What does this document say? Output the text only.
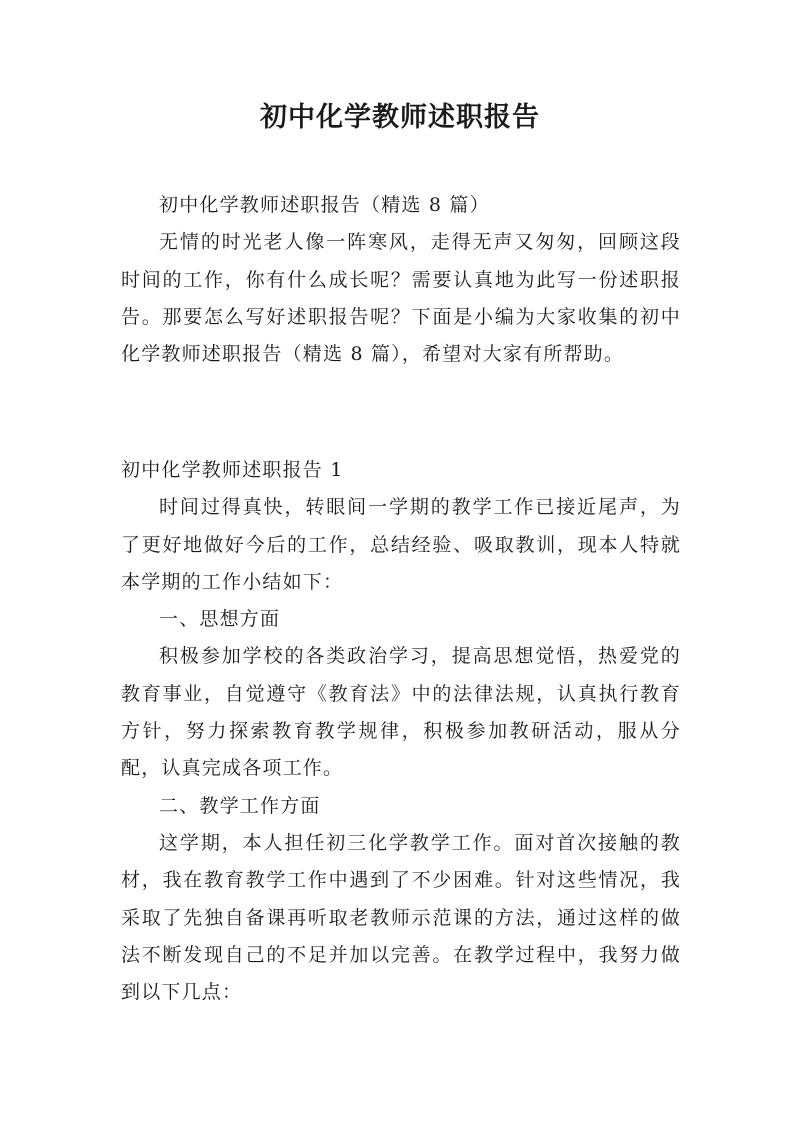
初中化学教师述职报告

初中化学教师述职报告（精选 8 篇）

无情的时光老人像一阵寒风，走得无声又匆匆，回顾这段时间的工作，你有什么成长呢？需要认真地为此写一份述职报告。那要怎么写好述职报告呢？下面是小编为大家收集的初中化学教师述职报告（精选 8 篇），希望对大家有所帮助。

初中化学教师述职报告 1

时间过得真快，转眼间一学期的教学工作已接近尾声，为了更好地做好今后的工作，总结经验、吸取教训，现本人特就本学期的工作小结如下：

一、思想方面

积极参加学校的各类政治学习，提高思想觉悟，热爱党的教育事业，自觉遵守《教育法》中的法律法规，认真执行教育方针，努力探索教育教学规律，积极参加教研活动，服从分配，认真完成各项工作。

二、教学工作方面

这学期，本人担任初三化学教学工作。面对首次接触的教材，我在教育教学工作中遇到了不少困难。针对这些情况，我采取了先独自备课再听取老教师示范课的方法，通过这样的做法不断发现自己的不足并加以完善。在教学过程中，我努力做到以下几点：
